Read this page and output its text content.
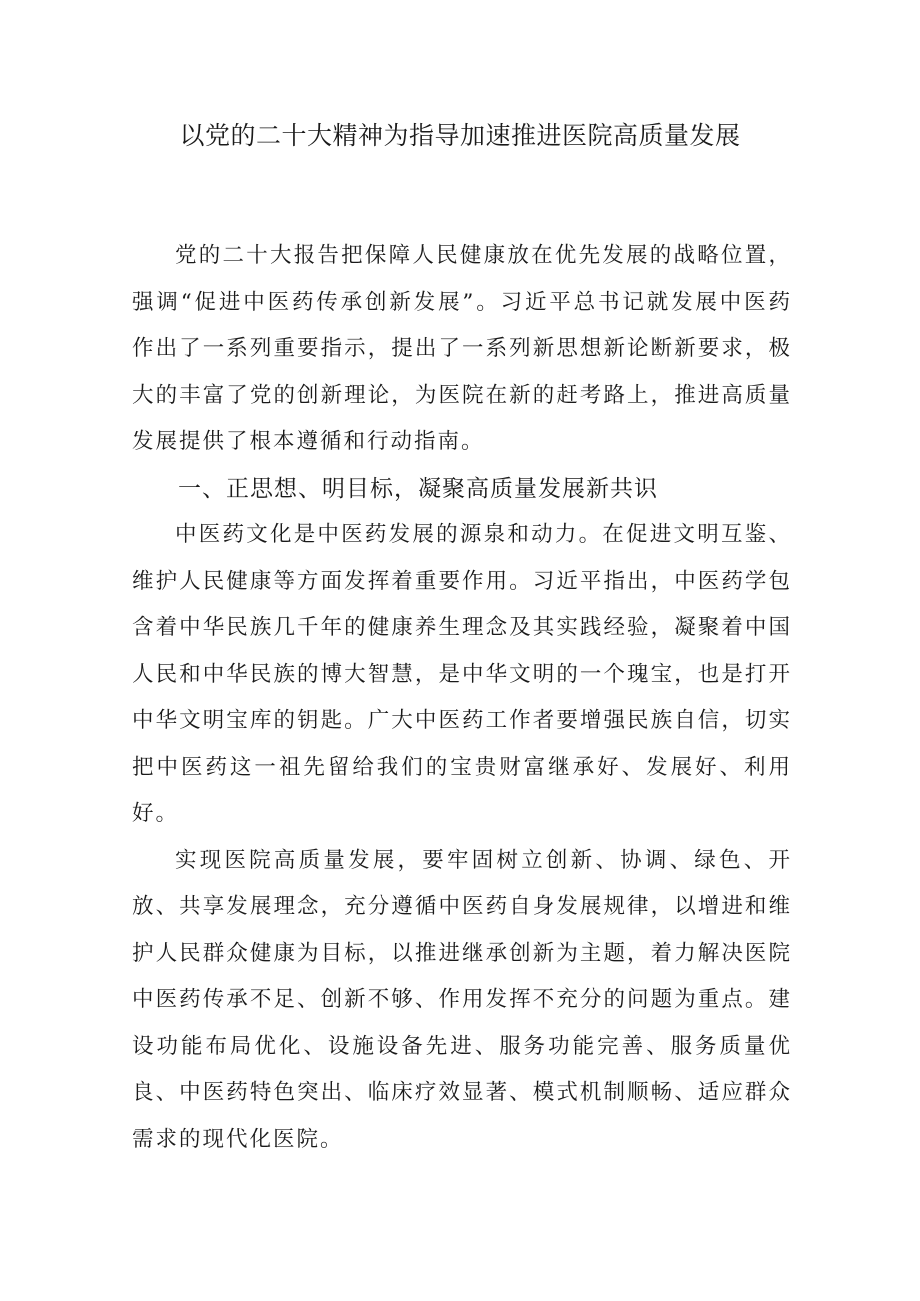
以党的二十大精神为指导加速推进医院高质量发展

党的二十大报告把保障人民健康放在优先发展的战略位置，强调“促进中医药传承创新发展”。习近平总书记就发展中医药作出了一系列重要指示，提出了一系列新思想新论断新要求，极大的丰富了党的创新理论，为医院在新的赶考路上，推进高质量发展提供了根本遵循和行动指南。

一、正思想、明目标，凝聚高质量发展新共识

中医药文化是中医药发展的源泉和动力。在促进文明互鉴、维护人民健康等方面发挥着重要作用。习近平指出，中医药学包含着中华民族几千年的健康养生理念及其实践经验，凝聚着中国人民和中华民族的博大智慧，是中华文明的一个瑰宝，也是打开中华文明宝库的钥匙。广大中医药工作者要增强民族自信，切实把中医药这一祖先留给我们的宝贵财富继承好、发展好、利用好。

实现医院高质量发展，要牢固树立创新、协调、绿色、开放、共享发展理念，充分遵循中医药自身发展规律，以增进和维护人民群众健康为目标，以推进继承创新为主题，着力解决医院中医药传承不足、创新不够、作用发挥不充分的问题为重点。建设功能布局优化、设施设备先进、服务功能完善、服务质量优良、中医药特色突出、临床疗效显著、模式机制顺畅、适应群众需求的现代化医院。
